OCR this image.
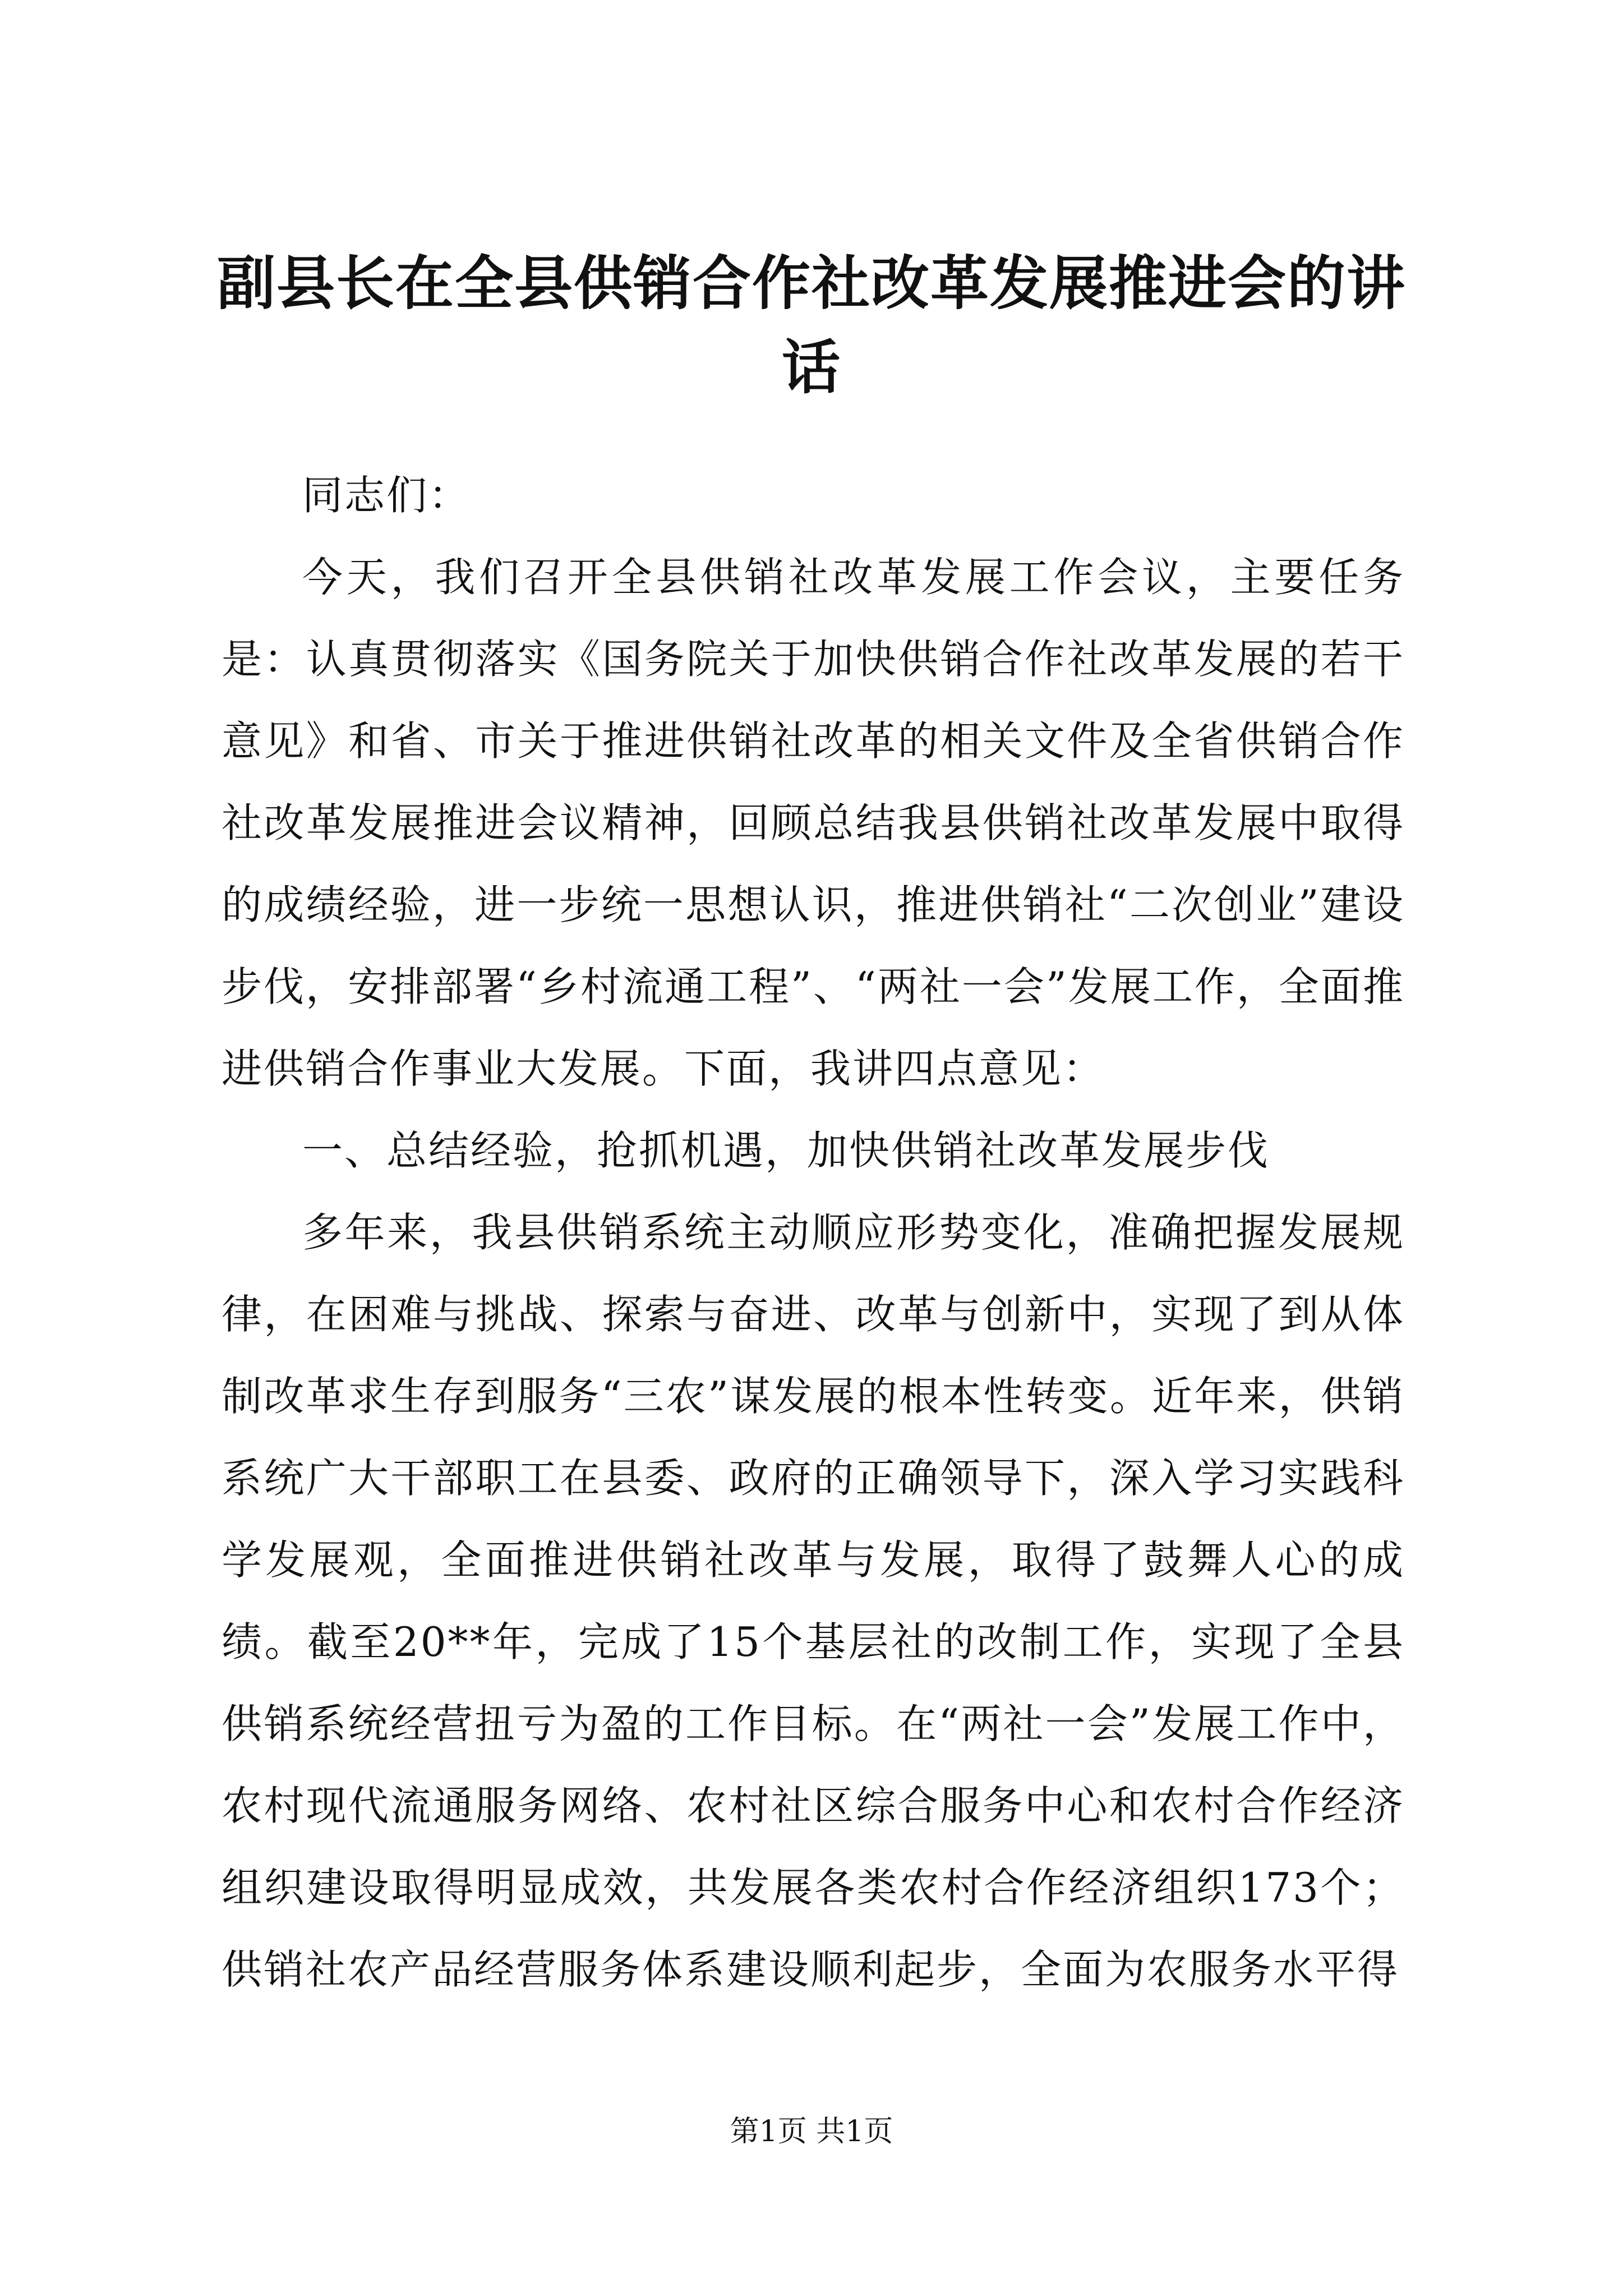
副县长在全县供销合作社改革发展推进会的讲话

同志们：

今天，我们召开全县供销社改革发展工作会议，主要任务是：认真贯彻落实《国务院关于加快供销合作社改革发展的若干意见》和省、市关于推进供销社改革的相关文件及全省供销合作社改革发展推进会议精神，回顾总结我县供销社改革发展中取得的成绩经验，进一步统一思想认识，推进供销社“二次创业”建设步伐，安排部署“乡村流通工程”、“两社一会”发展工作，全面推进供销合作事业大发展。下面，我讲四点意见：

一、总结经验，抢抓机遇，加快供销社改革发展步伐

多年来，我县供销系统主动顺应形势变化，准确把握发展规律，在困难与挑战、探索与奋进、改革与创新中，实现了到从体制改革求生存到服务“三农”谋发展的根本性转变。近年来，供销系统广大干部职工在县委、政府的正确领导下，深入学习实践科学发展观，全面推进供销社改革与发展，取得了鼓舞人心的成绩。截至20**年，完成了15个基层社的改制工作，实现了全县供销系统经营扭亏为盈的工作目标。在“两社一会”发展工作中，农村现代流通服务网络、农村社区综合服务中心和农村合作经济组织建设取得明显成效，共发展各类农村合作经济组织173个；供销社农产品经营服务体系建设顺利起步，全面为农服务水平得

第1页 共1页
